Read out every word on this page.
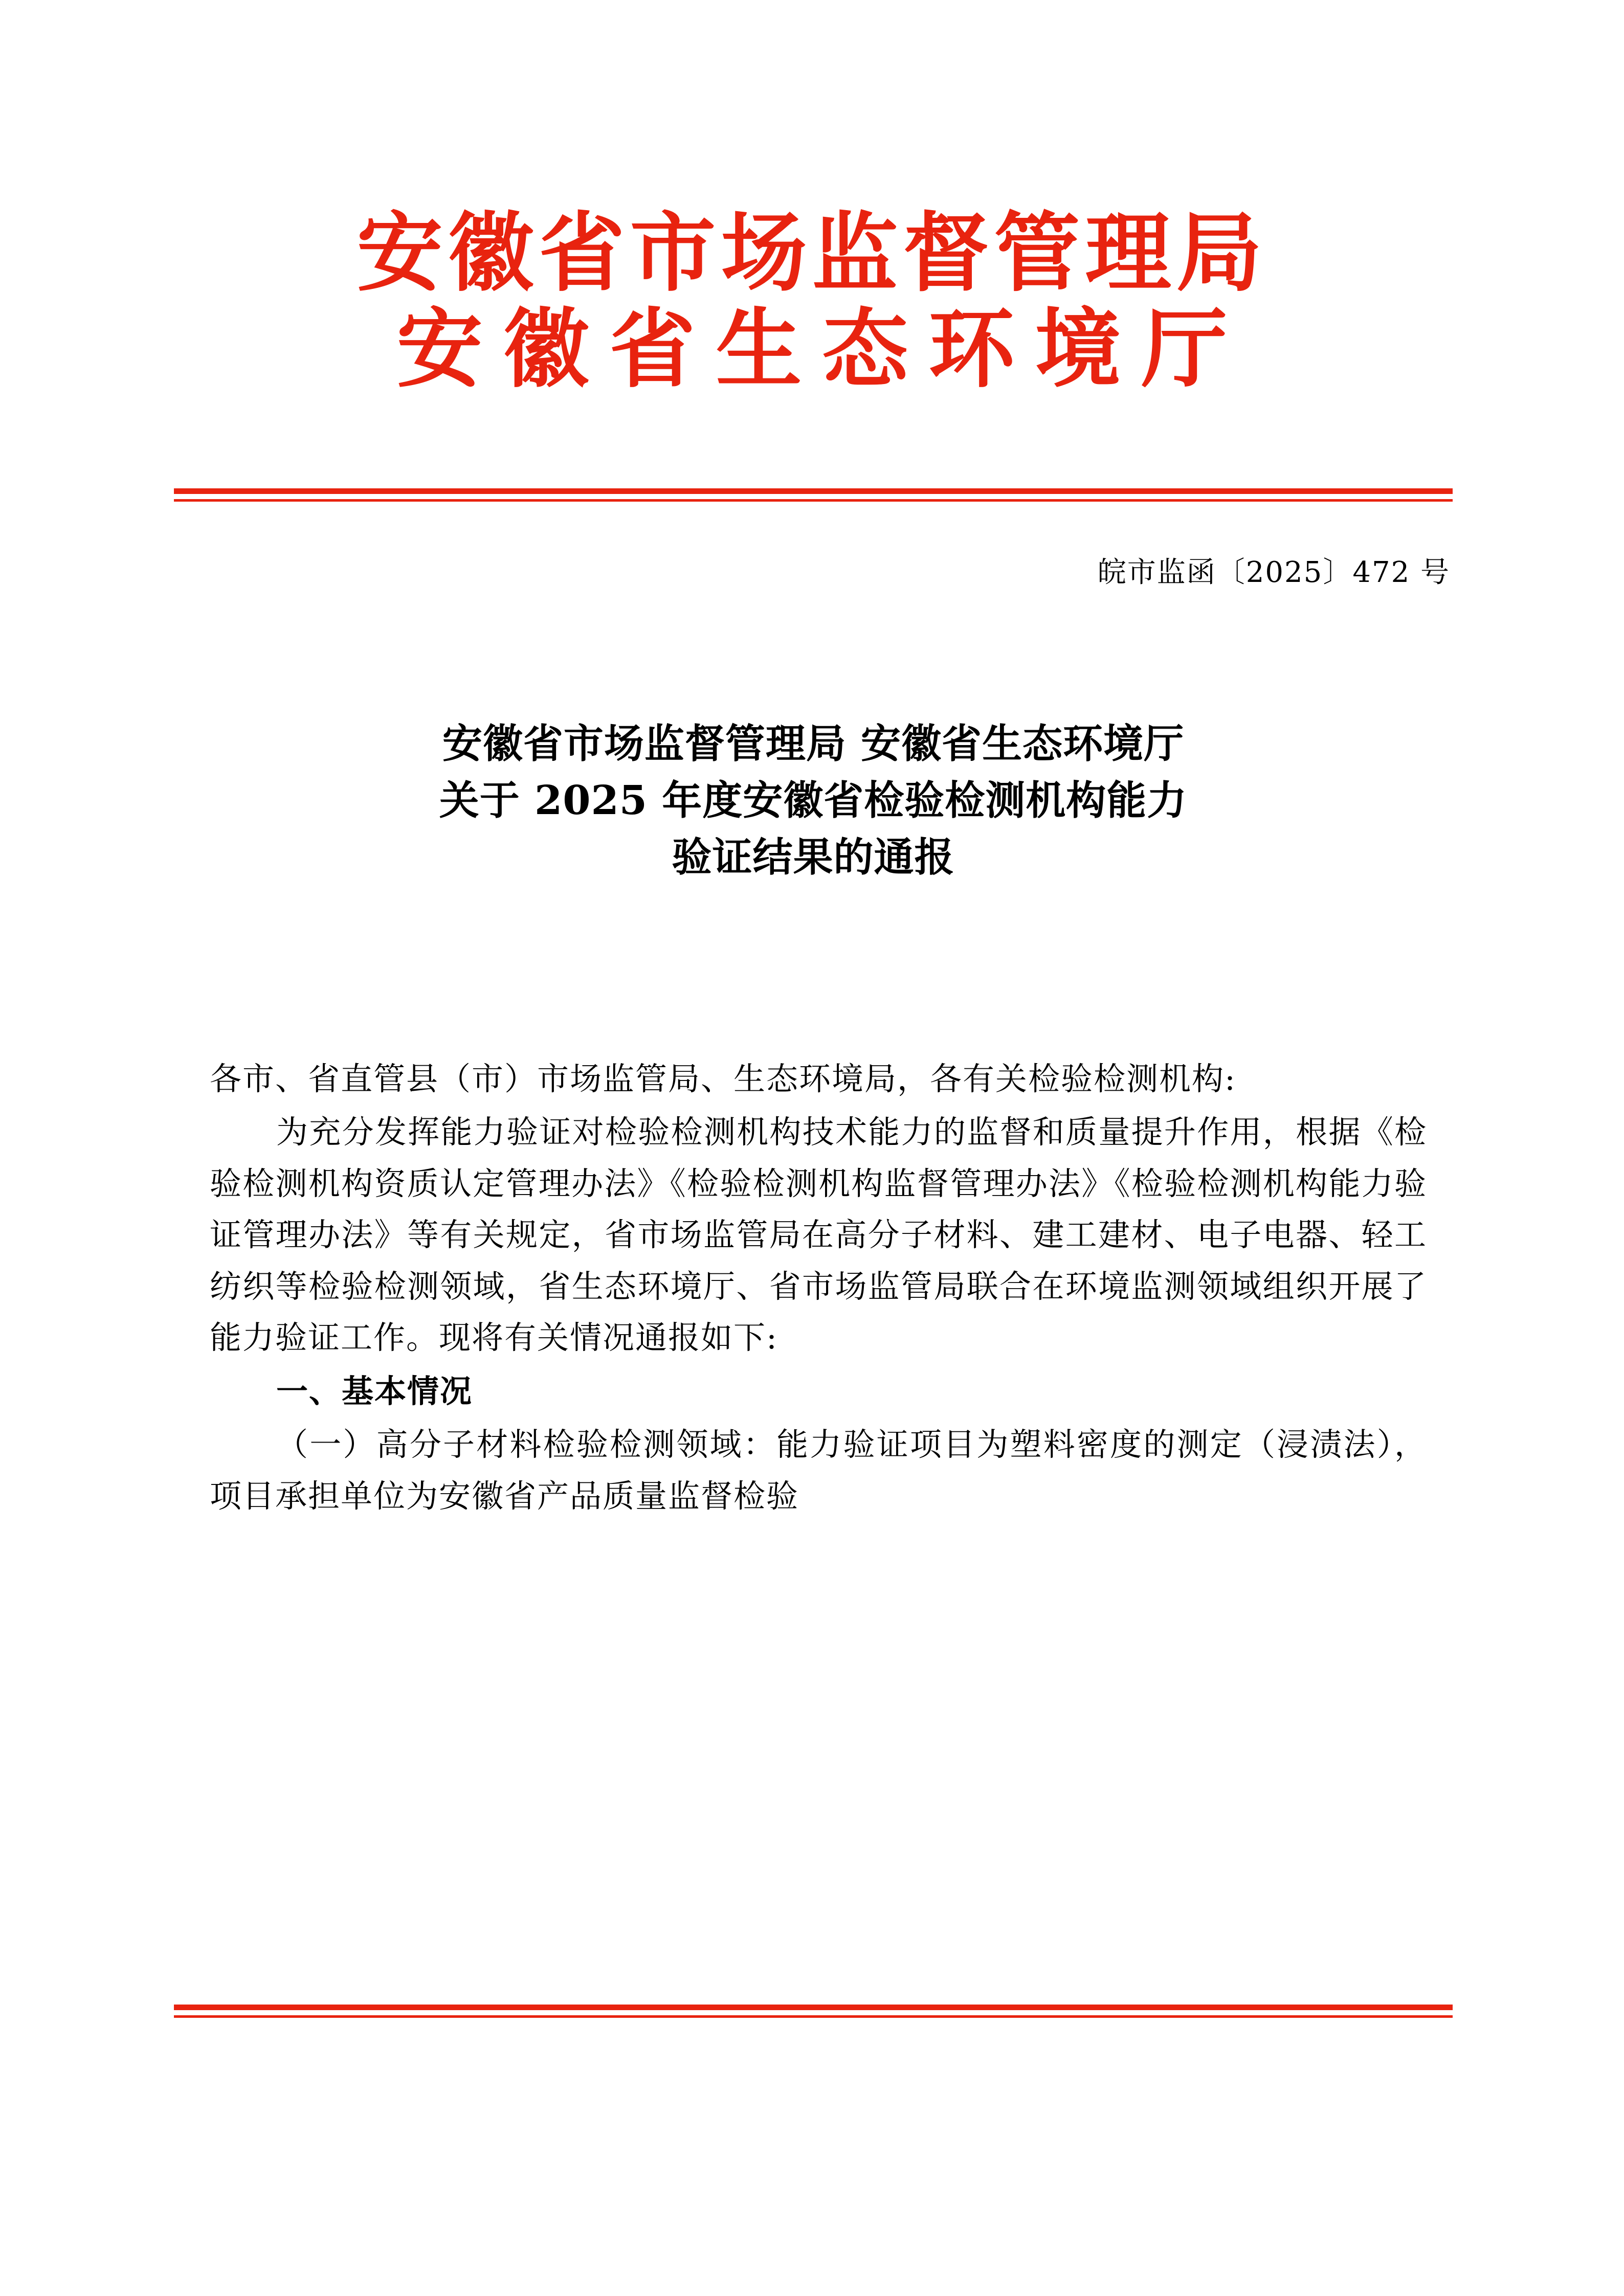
安徽省市场监督管理局
安徽省生态环境厅
皖市监函〔2025〕472 号
安徽省市场监督管理局 安徽省生态环境厅
关于 2025 年度安徽省检验检测机构能力
验证结果的通报

各市、省直管县（市）市场监管局、生态环境局，各有关检验检测机构:

为充分发挥能力验证对检验检测机构技术能力的监督和质量提升作用，根据《检验检测机构资质认定管理办法》《检验检测机构监督管理办法》《检验检测机构能力验证管理办法》等有关规定，省市场监管局在高分子材料、建工建材、电子电器、轻工纺织等检验检测领域，省生态环境厅、省市场监管局联合在环境监测领域组织开展了能力验证工作。现将有关情况通报如下:

一、基本情况

（一）高分子材料检验检测领域：能力验证项目为塑料密度的测定（浸渍法），项目承担单位为安徽省产品质量监督检验
